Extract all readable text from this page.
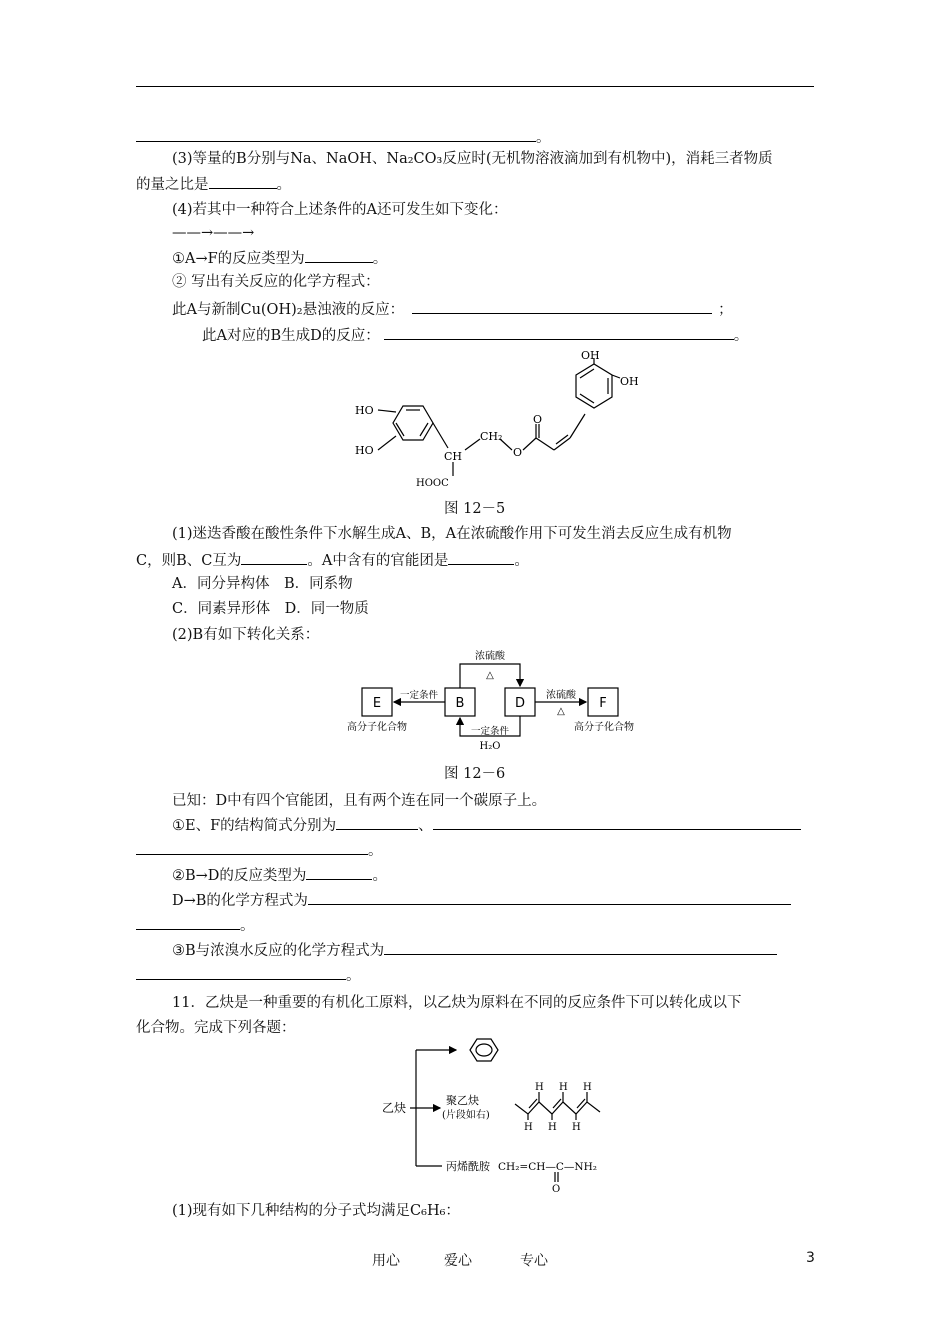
。
(3)等量的B分别与Na、NaOH、Na₂CO₃反应时(无机物溶液滴加到有机物中)，消耗三者物质
的量之比是	。
(4)若其中一种符合上述条件的A还可发生如下变化：
——→——→
①A→F的反应类型为	。
② 写出有关反应的化学方程式：
此A与新制Cu(OH)₂悬浊液的反应：	；
此A对应的B生成D的反应：	。
HO
HO	CH
CH₂
O
O
HOOC
OH
OH
图 12－5
(1)迷迭香酸在酸性条件下水解生成A、B，A在浓硫酸作用下可发生消去反应生成有机物
C，则B、C互为	。A中含有的官能团是	。
A．同分异构体　B．同系物
C．同素异形体　D．同一物质
(2)B有如下转化关系：
E	B	D	F
浓硫酸
△
一定条件	浓硫酸
△
一定条件
H₂O
高分子化合物	高分子化合物
图 12－6
已知：D中有四个官能团，且有两个连在同一个碳原子上。
①E、F的结构简式分别为	、
。
②B→D的反应类型为	。
D→B的化学方程式为
。
③B与浓溴水反应的化学方程式为
。
11．乙炔是一种重要的有机化工原料，以乙炔为原料在不同的反应条件下可以转化成以下
化合物。完成下列各题：
乙炔
聚乙炔
(片段如右)
H H H
H H H
丙烯酰胺 CH₂=CH—C—NH₂
O
(1)现有如下几种结构的分子式均满足C₆H₆：
用心	爱心	专心	3
